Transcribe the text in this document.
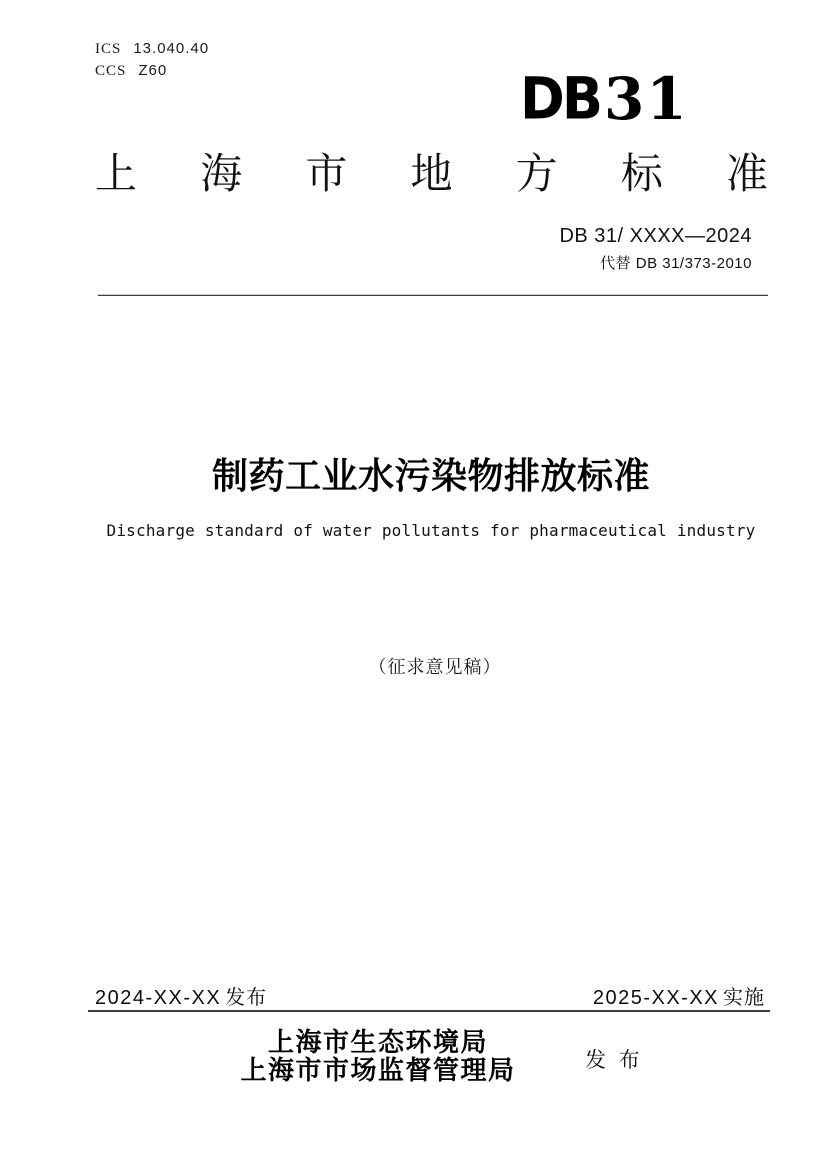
ICS 13.040.40
CCS Z60	DB 31
上海市地方标准
DB 31/ XXXX—2024
代替 DB 31/373-2010
制药工业水污染物排放标准
Discharge standard of water pollutants for pharmaceutical industry
（征求意见稿）
2024-XX-XX 发布	2025-XX-XX 实施
上海市生态环境局
上海市市场监督管理局	发布
